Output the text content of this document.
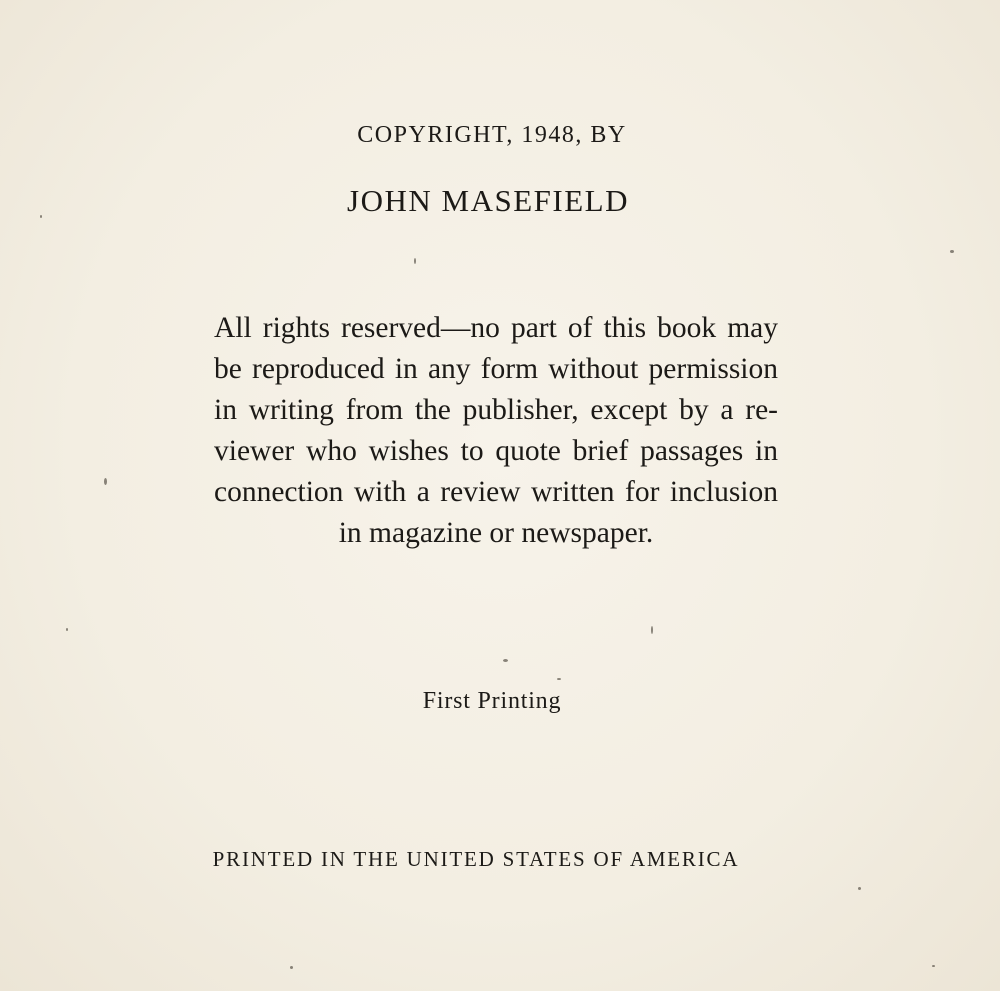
COPYRIGHT, 1948, BY
JOHN MASEFIELD
All rights reserved—no part of this book may be reproduced in any form without permission in writing from the publisher, except by a re-viewer who wishes to quote brief passages in connection with a review written for inclusion in magazine or newspaper.
First Printing
PRINTED IN THE UNITED STATES OF AMERICA
